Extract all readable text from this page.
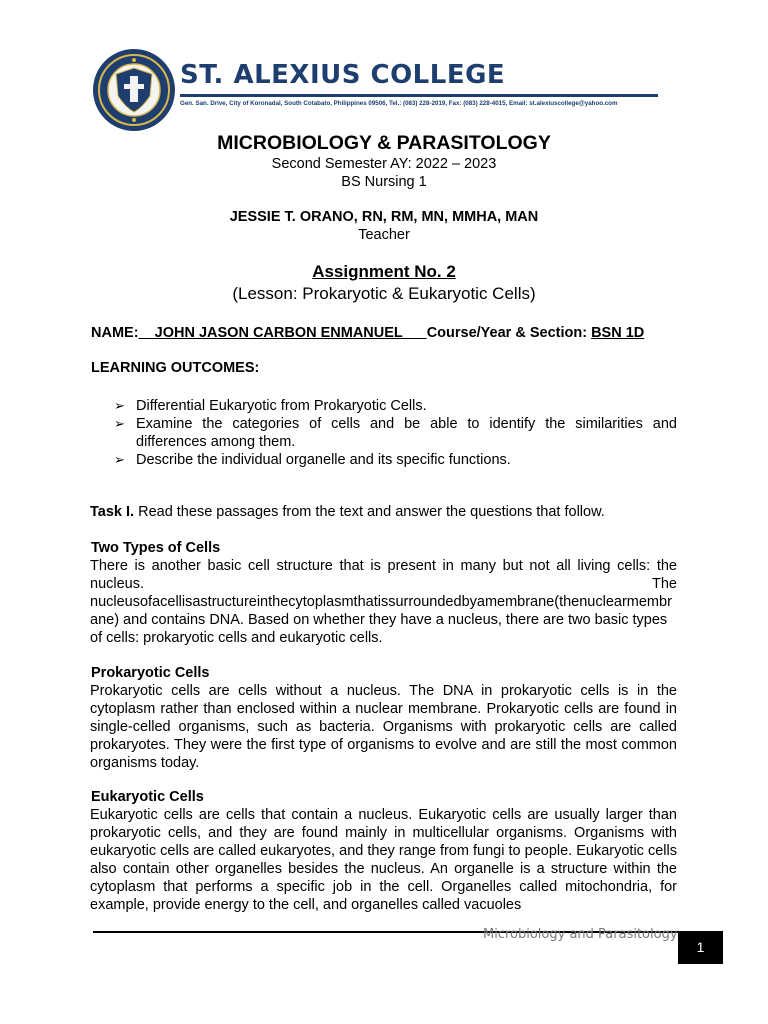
ST. ALEXIUS COLLEGE
Gen. San. Drive, City of Koronadal, South Cotabato, Philippines 09506, Tel.: (083) 228-2019, Fax: (083) 228-4015, Email: st.alexiuscollege@yahoo.com
MICROBIOLOGY & PARASITOLOGY
Second Semester AY: 2022 – 2023
BS Nursing 1
JESSIE T. ORANO, RN, RM, MN, MMHA, MAN
Teacher
Assignment No. 2
(Lesson: Prokaryotic & Eukaryotic Cells)
NAME:    JOHN JASON CARBON ENMANUEL      Course/Year & Section: BSN 1D
LEARNING OUTCOMES:
➢ Differential Eukaryotic from Prokaryotic Cells.
➢ Examine the categories of cells and be able to identify the similarities and differences among them.
➢ Describe the individual organelle and its specific functions.

Task I. Read these passages from the text and answer the questions that follow.

Two Types of Cells
There is another basic cell structure that is present in many but not all living cells: the nucleus.	The
nucleusofacellisastructureinthecytoplasmthatissurroundedbyamembrane(thenuclearmembrane) and contains DNA. Based on whether they have a nucleus, there are two basic types of cells: prokaryotic cells and eukaryotic cells.
Prokaryotic Cells

Prokaryotic cells are cells without a nucleus. The DNA in prokaryotic cells is in the cytoplasm rather than enclosed within a nuclear membrane. Prokaryotic cells are found in single-celled organisms, such as bacteria. Organisms with prokaryotic cells are called prokaryotes. They were the first type of organisms to evolve and are still the most common organisms today.

Eukaryotic Cells

Eukaryotic cells are cells that contain a nucleus. Eukaryotic cells are usually larger than prokaryotic cells, and they are found mainly in multicellular organisms. Organisms with eukaryotic cells are called eukaryotes, and they range from fungi to people. Eukaryotic cells also contain other organelles besides the nucleus. An organelle is a structure within the cytoplasm that performs a specific job in the cell. Organelles called mitochondria, for example, provide energy to the cell, and organelles called vacuoles

Microbiology and Parasitology
1
